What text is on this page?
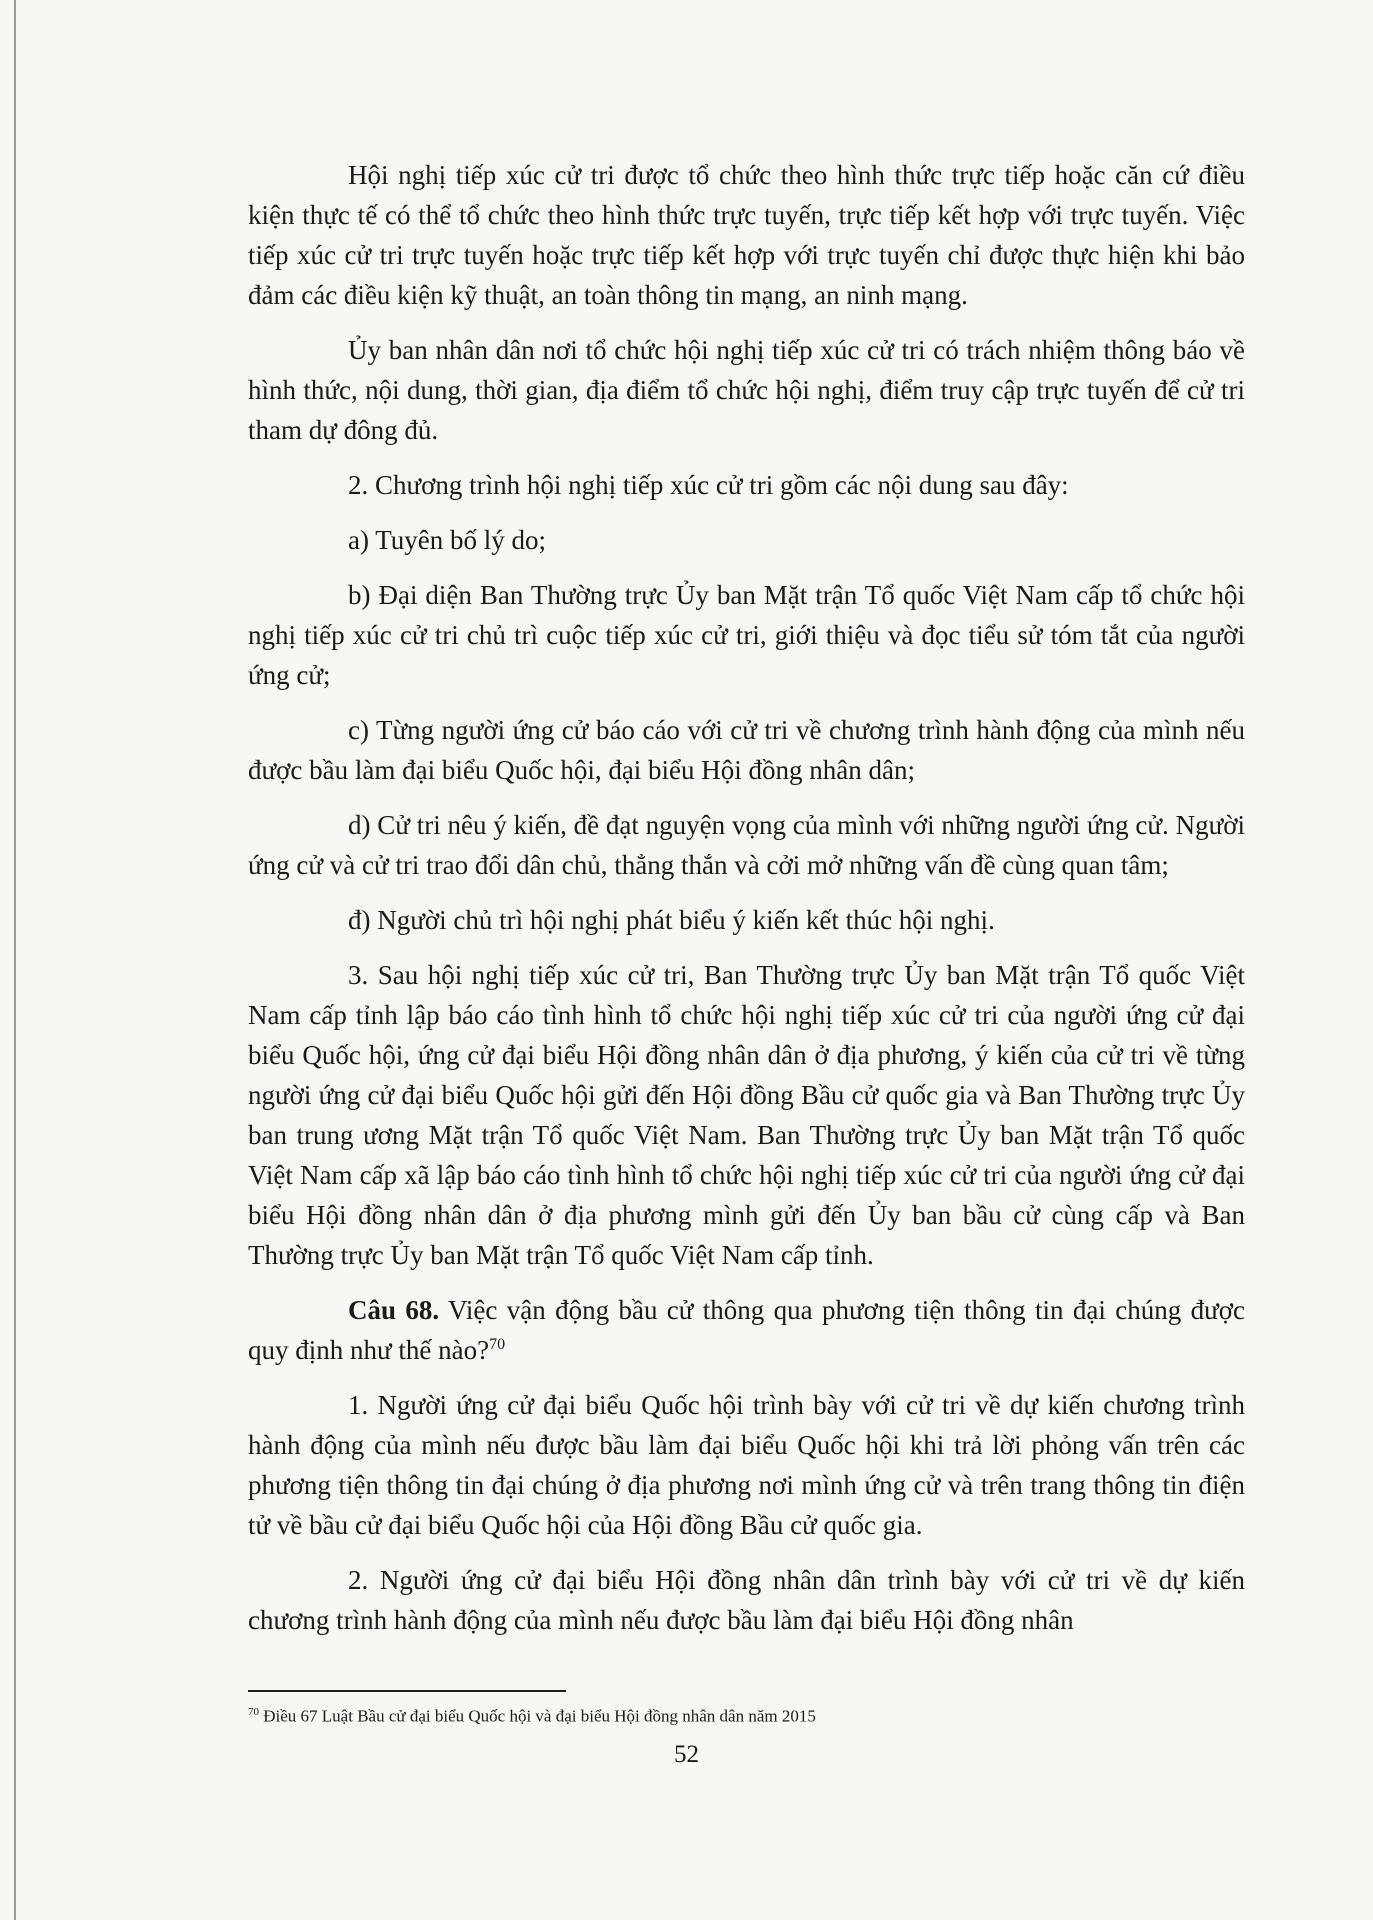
Hội nghị tiếp xúc cử tri được tổ chức theo hình thức trực tiếp hoặc căn cứ điều kiện thực tế có thể tổ chức theo hình thức trực tuyến, trực tiếp kết hợp với trực tuyến. Việc tiếp xúc cử tri trực tuyến hoặc trực tiếp kết hợp với trực tuyến chỉ được thực hiện khi bảo đảm các điều kiện kỹ thuật, an toàn thông tin mạng, an ninh mạng.

Ủy ban nhân dân nơi tổ chức hội nghị tiếp xúc cử tri có trách nhiệm thông báo về hình thức, nội dung, thời gian, địa điểm tổ chức hội nghị, điểm truy cập trực tuyến để cử tri tham dự đông đủ.

2. Chương trình hội nghị tiếp xúc cử tri gồm các nội dung sau đây:

a) Tuyên bố lý do;

b) Đại diện Ban Thường trực Ủy ban Mặt trận Tổ quốc Việt Nam cấp tổ chức hội nghị tiếp xúc cử tri chủ trì cuộc tiếp xúc cử tri, giới thiệu và đọc tiểu sử tóm tắt của người ứng cử;

c) Từng người ứng cử báo cáo với cử tri về chương trình hành động của mình nếu được bầu làm đại biểu Quốc hội, đại biểu Hội đồng nhân dân;

d) Cử tri nêu ý kiến, đề đạt nguyện vọng của mình với những người ứng cử. Người ứng cử và cử tri trao đổi dân chủ, thẳng thắn và cởi mở những vấn đề cùng quan tâm;

đ) Người chủ trì hội nghị phát biểu ý kiến kết thúc hội nghị.

3. Sau hội nghị tiếp xúc cử tri, Ban Thường trực Ủy ban Mặt trận Tổ quốc Việt Nam cấp tỉnh lập báo cáo tình hình tổ chức hội nghị tiếp xúc cử tri của người ứng cử đại biểu Quốc hội, ứng cử đại biểu Hội đồng nhân dân ở địa phương, ý kiến của cử tri về từng người ứng cử đại biểu Quốc hội gửi đến Hội đồng Bầu cử quốc gia và Ban Thường trực Ủy ban trung ương Mặt trận Tổ quốc Việt Nam. Ban Thường trực Ủy ban Mặt trận Tổ quốc Việt Nam cấp xã lập báo cáo tình hình tổ chức hội nghị tiếp xúc cử tri của người ứng cử đại biểu Hội đồng nhân dân ở địa phương mình gửi đến Ủy ban bầu cử cùng cấp và Ban Thường trực Ủy ban Mặt trận Tổ quốc Việt Nam cấp tỉnh.

Câu 68. Việc vận động bầu cử thông qua phương tiện thông tin đại chúng được quy định như thế nào?$^{70}$

1. Người ứng cử đại biểu Quốc hội trình bày với cử tri về dự kiến chương trình hành động của mình nếu được bầu làm đại biểu Quốc hội khi trả lời phỏng vấn trên các phương tiện thông tin đại chúng ở địa phương nơi mình ứng cử và trên trang thông tin điện tử về bầu cử đại biểu Quốc hội của Hội đồng Bầu cử quốc gia.

2. Người ứng cử đại biểu Hội đồng nhân dân trình bày với cử tri về dự kiến chương trình hành động của mình nếu được bầu làm đại biểu Hội đồng nhân

$^{70}$ Điều 67 Luật Bầu cử đại biểu Quốc hội và đại biểu Hội đồng nhân dân năm 2015
52
